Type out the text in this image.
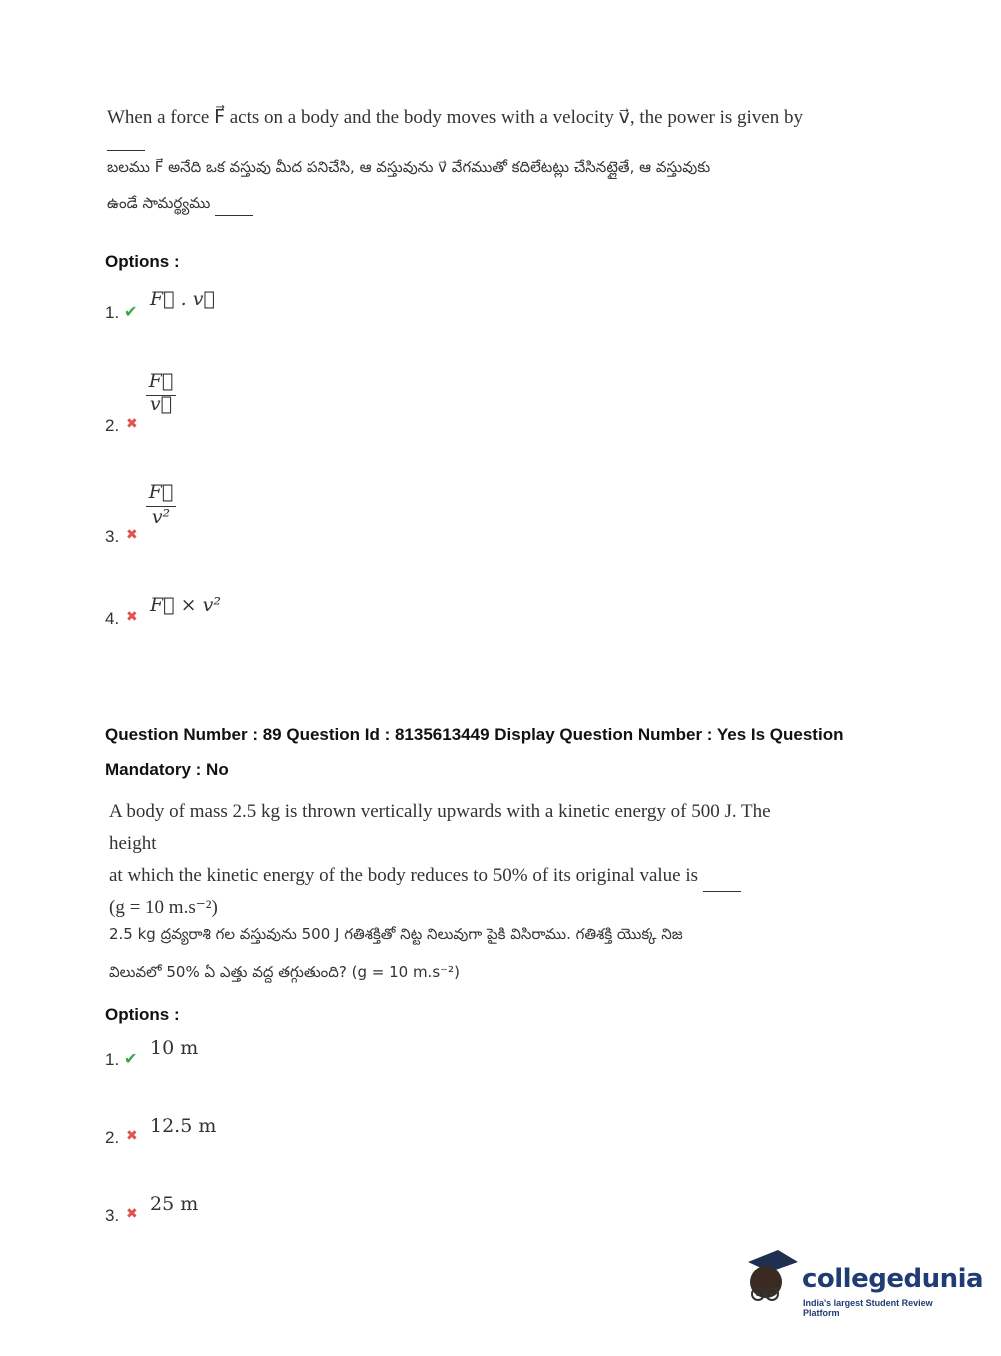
When a force F⃗ acts on a body and the body moves with a velocity v⃗, the power is given by
బలము F⃗ అనేది ఒక వస్తువు మీద పనిచేసి, ఆ వస్తువును v⃗ వేగముతో కదిలేటట్లు చేసినట్లైతే, ఆ వస్తువుకు
ఉండే సామర్థ్యము
Options :
1. ✔
F⃗ . v⃗
2. ✖
F⃗
v⃗
3. ✖
F⃗
v²
4. ✖
F⃗ × v²
Question Number : 89 Question Id : 8135613449 Display Question Number : Yes Is Question
Mandatory : No
A body of mass 2.5 kg is thrown vertically upwards with a kinetic energy of 500 J. The height
at which the kinetic energy of the body reduces to 50% of its original value is
(g = 10 m.s⁻²)
2.5 kg ద్రవ్యరాశి గల వస్తువును 500 J గతిశక్తితో నిట్ట నిలువుగా పైకి విసిరాము. గతిశక్తి యొక్క నిజ
విలువలో 50% ఏ ఎత్తు వద్ద తగ్గుతుంది? (g = 10 m.s⁻²)
Options :
1. ✔ 10 m
2. ✖ 12.5 m
3. ✖ 25 m
collegedunia
India's largest Student Review Platform
